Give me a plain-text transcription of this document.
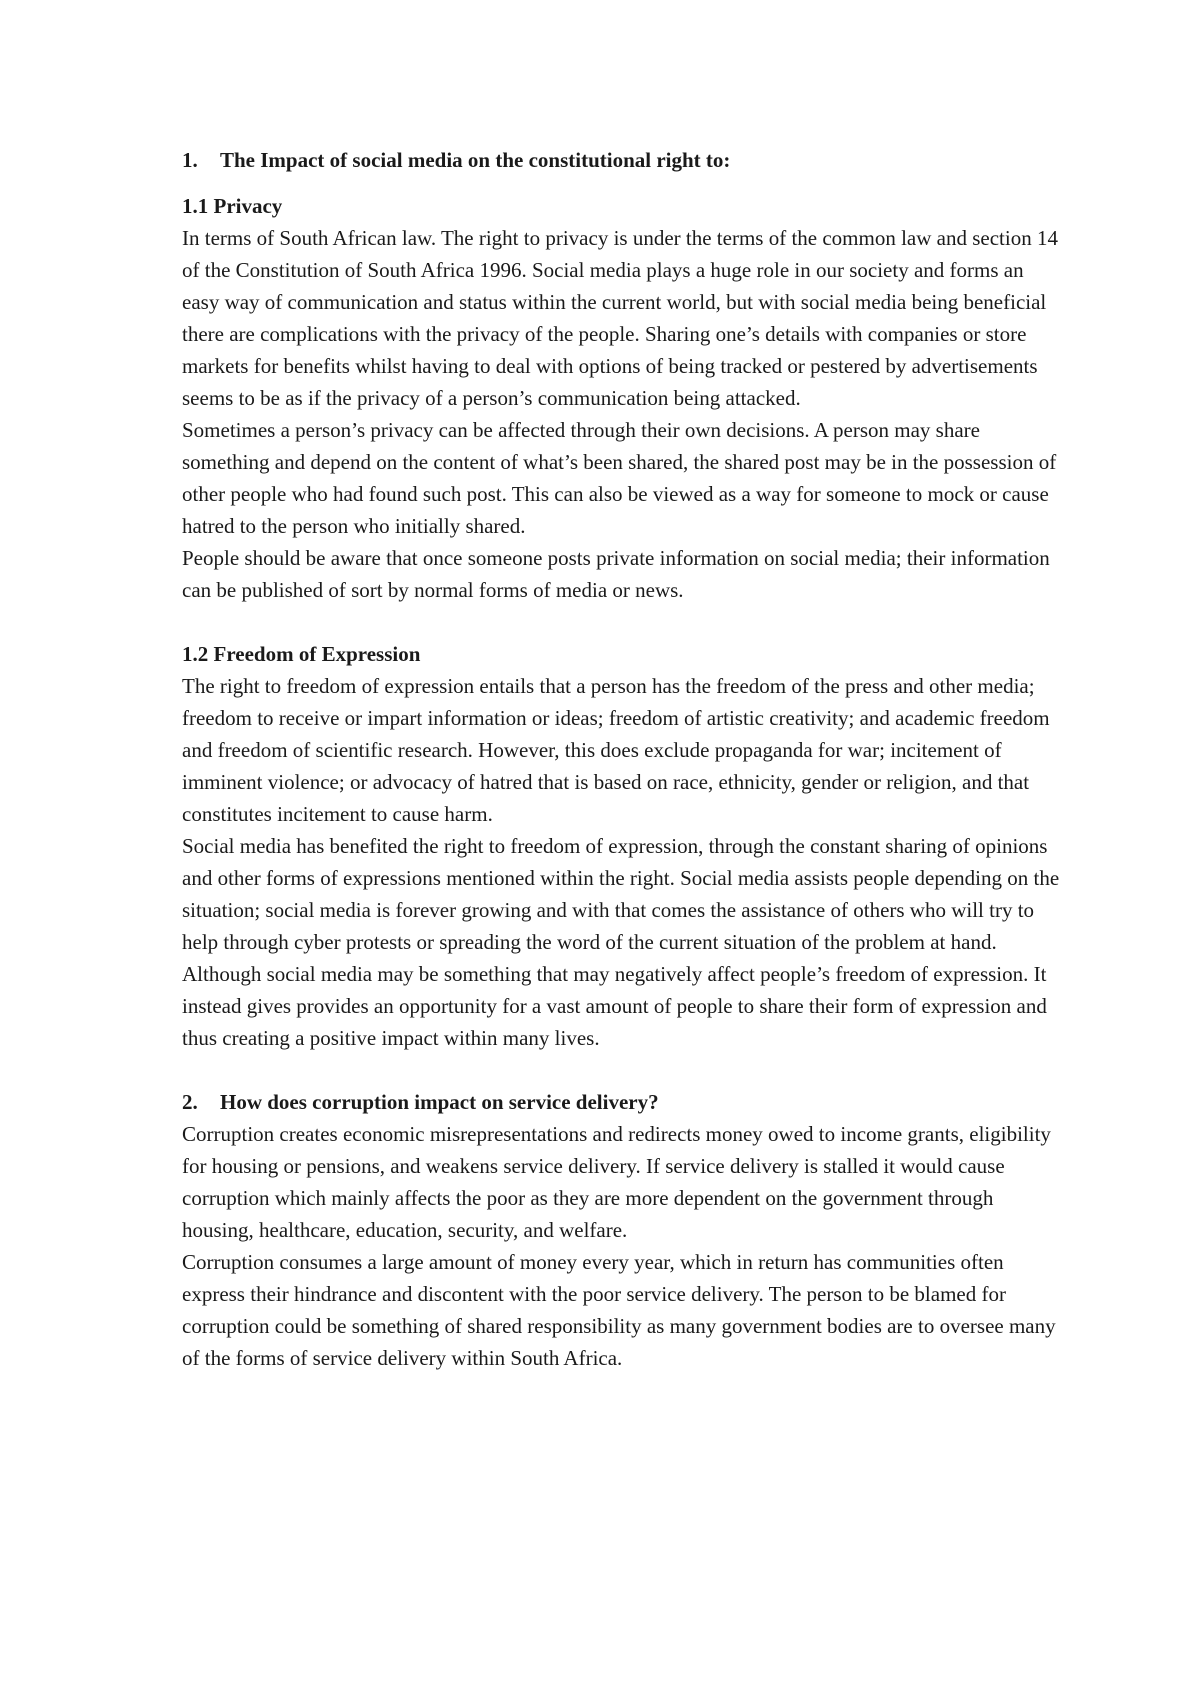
1.	The Impact of social media on the constitutional right to:
1.1 Privacy

In terms of South African law. The right to privacy is under the terms of the common law and section 14 of the Constitution of South Africa 1996. Social media plays a huge role in our society and forms an easy way of communication and status within the current world, but with social media being beneficial there are complications with the privacy of the people. Sharing one’s details with companies or store markets for benefits whilst having to deal with options of being tracked or pestered by advertisements seems to be as if the privacy of a person’s communication being attacked.

Sometimes a person’s privacy can be affected through their own decisions. A person may share something and depend on the content of what’s been shared, the shared post may be in the possession of other people who had found such post. This can also be viewed as a way for someone to mock or cause hatred to the person who initially shared.

People should be aware that once someone posts private information on social media; their information can be published of sort by normal forms of media or news.

1.2 Freedom of Expression

The right to freedom of expression entails that a person has the freedom of the press and other media; freedom to receive or impart information or ideas; freedom of artistic creativity; and academic freedom and freedom of scientific research. However, this does exclude propaganda for war; incitement of imminent violence; or advocacy of hatred that is based on race, ethnicity, gender or religion, and that constitutes incitement to cause harm.

Social media has benefited the right to freedom of expression, through the constant sharing of opinions and other forms of expressions mentioned within the right. Social media assists people depending on the situation; social media is forever growing and with that comes the assistance of others who will try to help through cyber protests or spreading the word of the current situation of the problem at hand.

Although social media may be something that may negatively affect people’s freedom of expression. It instead gives provides an opportunity for a vast amount of people to share their form of expression and thus creating a positive impact within many lives.

2.	How does corruption impact on service delivery?

Corruption creates economic misrepresentations and redirects money owed to income grants, eligibility for housing or pensions, and weakens service delivery. If service delivery is stalled it would cause corruption which mainly affects the poor as they are more dependent on the government through housing, healthcare, education, security, and welfare.

Corruption consumes a large amount of money every year, which in return has communities often express their hindrance and discontent with the poor service delivery. The person to be blamed for corruption could be something of shared responsibility as many government bodies are to oversee many of the forms of service delivery within South Africa.
